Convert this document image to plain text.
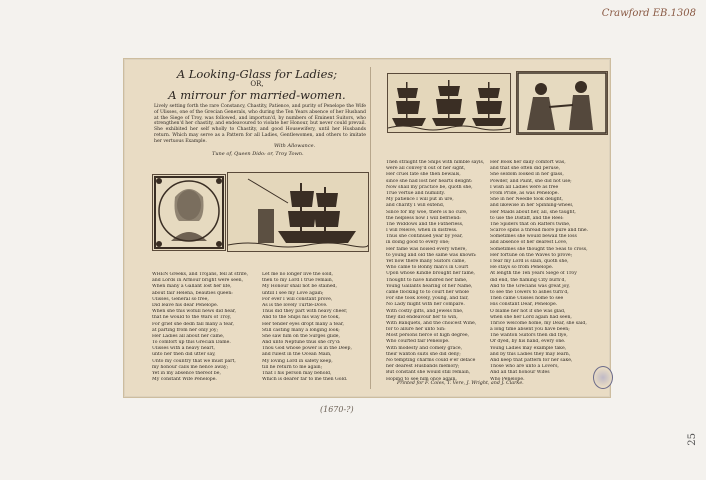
Crawford EB.1308
(1670-?)
25
A Looking-Glass for Ladies;
OR,
A mirrour for married-women.
Lively setting forth the rare Constancy, Chastity, Patience, and purity of Penelope the Wife of Ulisses, one of the Grecian Generals, who during the Ten Years absence of her Husband at the Siege of Troy, was followed, and importun'd, by numbers of Eminent Suitors, who strengthen'd her chastity, and endeavoured to violate her Honour, but never could prevail. She exhibited her self wholly to Chastity, and good Housewifery, until her Husbands return. Which may serve as a Pattern for all Ladies, Gentlewomen, and others to imitate her vertuous Example.
With Allowance.
Tune of, Queen Dido: or, Troy Town.
WHEN Greeks, and Trojans, fell at strife,
and Lords in Armour bright were seen,
When many a Gallant lost her life,
about fair Helena, beauties queen:
Ulisses, General so free,
Did leave his dear Penelope.
When she this wofull news did hear,
that he would to the Wars of Troy,
For grief she dedn fall many a tear,
at parting from her only joy;
Her Ladies all about her came,
To comfort up this Grecian Dame.
Ulisses with a heavy heart,
unto her then did utter say,
Unto my country that we must part,
my honour calls me hence away;
Yet in my absence thereof be,
My constant Wife Penelope.
Let me no longer live the sold,
then to my Lord I true remain,
My Honour shall not be stained,
untill I see my Love again;
For ever I will constant prove,
As is the lovely Turtle-Dove.
Thus did they part with heavy cheer,
And to the Ships his way he took,
Her tender eyes dropt many a tear,
Still casting many a longing look;
She saw him on the Surges glide,
And unto Neptune thus she cry'd:
Thou God whose power is in the Deep,
and rulest in the Ocean Main,
My loving Lord in safety keep,
till he return to me again;
That I his person may behold,
Which is dearer far to me then Gold.
Then straight the Ships with nimble sayls,
were all convey'd out of her sight,
Her cruel fate she then bewails,
since she had lost her hearts delight:
Now shall my practice be, quoth she,
True vertue and humility.
My patience I will put in ure,
and charity I will extend,
Since for my woe, there is no cure,
the helpless now I will befriend:
The Widdows and the Fatherless,
I will releive, when in distress.
Thus she continued year by year,
in doing good to every one;
Her fame was noised every where,
to young and old the same was known:
Yet now there many Suitors came,
Who came to Bonny man's in Court
Upon whose Kindle brought her fame,
Thought to have hindred her fame,
Young Gallants hearing of her Name,
came flocking to to court her whole
For she took lovely, young, and fair,
No Lady might with her compare.
With costly gifts, and Jewels fine,
they did endeavour her to win,
With Banquets, and the choicest Wine,
for to allure her unto Sin:
Most persons fierce of high degree,
Who courted fair Penelope.
With modesty and comely grace,
their wanton suits she did deny;
No tempting charms could e'er deface
her dearest Husbands memory;
But constant she would still remain,
Hoping to see him once again.
Her Book her daily comfort was,
and that she often did peruse,
She seldom looked in her glass,
Powder, and Paint, she did not use;
I wish all Ladies were as free
From Pride, as was Penelope.
She in her Needle took delight,
and likewise in her Spinning-wheel,
Her Maids about her, all, she taught,
to use the Distaff, and the Reel:
The Spiders that on Rafters twine,
Scarce spins a thread more pure and fine.
Sometimes she would bewail the loss
and absence of her dearest Love,
Sometimes she thought the Seas to cross,
Her fortune on the Waves to prove;
I fear my Lord is slain, quoth she,
He stays so from Penelope.
At length the Ten years Siege of Troy
did end, the flaming City burn'd,
And to the Grecians was great joy,
to see the Towers to ashes turn'd,
Then came Ulisses home to see
His constant Dear, Penelope.
O blame her not if she was glad,
when she her Lord again had seen,
Thrice welcome home, my Dear, she said,
a long time absent you have been;
The wanton Suitors then did flye,
Or dyed, by his hand, every one.
Young Ladies may example take,
and by this Ladies they may learn,
And keep that pattern for her sake,
Those who are unto a Lovers,
And all that honour Wifes
Who Penelope.
Printed for F. Coles, T. Vere, J. Wright, and J. Clarke.
